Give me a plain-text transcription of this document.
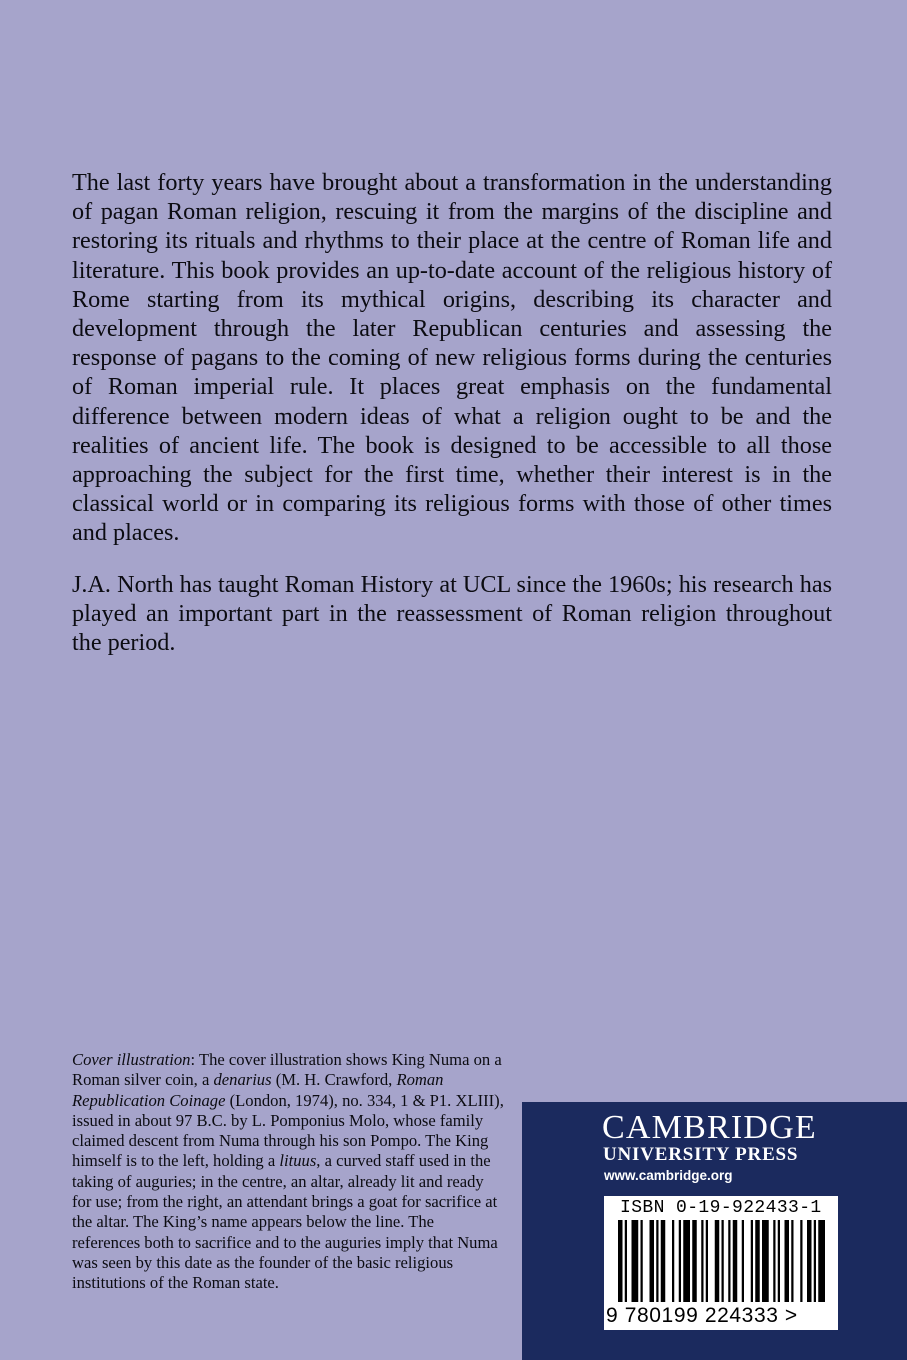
The last forty years have brought about a transformation in the understanding of pagan Roman religion, rescuing it from the margins of the discipline and restoring its rituals and rhythms to their place at the centre of Roman life and literature. This book provides an up-to-date account of the religious history of Rome starting from its mythical origins, describing its character and development through the later Republican centuries and assessing the response of pagans to the coming of new religious forms during the centuries of Roman imperial rule. It places great emphasis on the fundamental difference between modern ideas of what a religion ought to be and the realities of ancient life. The book is designed to be accessible to all those approaching the subject for the first time, whether their interest is in the classical world or in comparing its religious forms with those of other times and places.

J.A. North has taught Roman History at UCL since the 1960s; his research has played an important part in the reassessment of Roman religion throughout the period.

Cover illustration: The cover illustration shows King Numa on a Roman silver coin, a denarius (M. H. Crawford, Roman Republication Coinage (London, 1974), no. 334, 1 & P1. XLIII), issued in about 97 B.C. by L. Pomponius Molo, whose family claimed descent from Numa through his son Pompo. The King himself is to the left, holding a lituus, a curved staff used in the taking of auguries; in the centre, an altar, already lit and ready for use; from the right, an attendant brings a goat for sacrifice at the altar. The King’s name appears below the line. The references both to sacrifice and to the auguries imply that Numa was seen by this date as the founder of the basic religious institutions of the Roman state.

CAMBRIDGE
UNIVERSITY PRESS
www.cambridge.org
ISBN 0-19-922433-1
9 780199 224333 >
